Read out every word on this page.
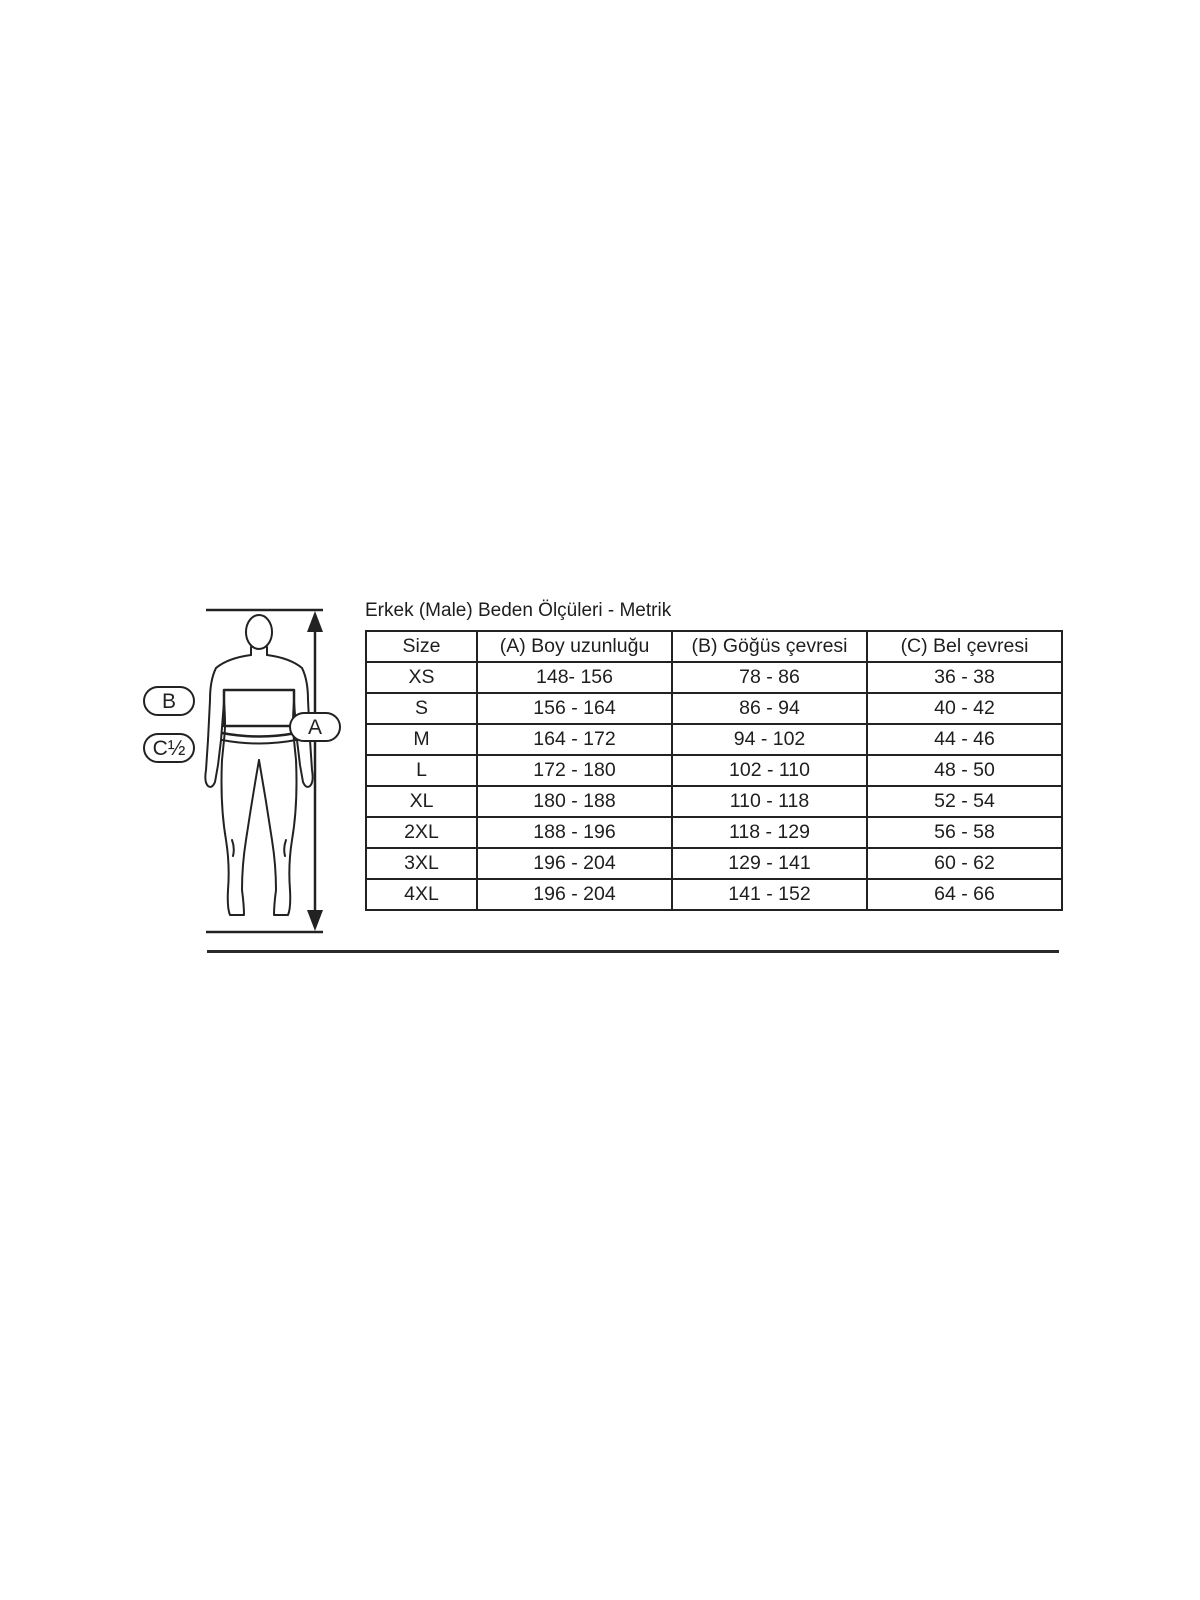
B
C½
A
Erkek (Male) Beden Ölçüleri - Metrik
Size	(A) Boy uzunluğu	(B) Göğüs çevresi	(C) Bel çevresi
XS	148- 156	78 - 86	36 - 38
S	156 - 164	86 - 94	40 - 42
M	164 - 172	94 - 102	44 - 46
L	172 - 180	102 - 110	48 - 50
XL	180 - 188	110 - 118	52 - 54
2XL	188 - 196	118 - 129	56 - 58
3XL	196 - 204	129 - 141	60 - 62
4XL	196 - 204	141 - 152	64 - 66
